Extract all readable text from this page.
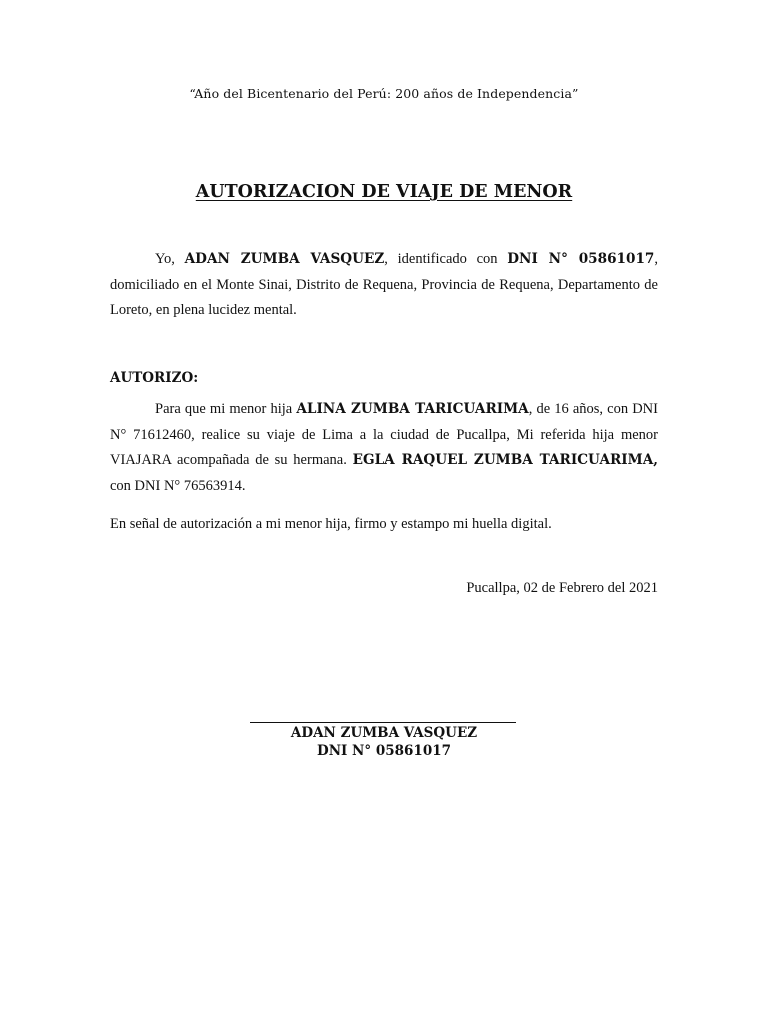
“Año del Bicentenario del Perú: 200 años de Independencia”
AUTORIZACION DE VIAJE DE MENOR
Yo, ADAN ZUMBA VASQUEZ, identificado con DNI N° 05861017, domiciliado en el Monte Sinai, Distrito de Requena, Provincia de Requena, Departamento de Loreto, en plena lucidez mental.
AUTORIZO:
Para que mi menor hija ALINA ZUMBA TARICUARIMA, de 16 años, con DNI N° 71612460, realice su viaje de Lima a la ciudad de Pucallpa, Mi referida hija menor VIAJARA acompañada de su hermana. EGLA RAQUEL ZUMBA TARICUARIMA, con DNI N° 76563914.
En señal de autorización a mi menor hija, firmo y estampo mi huella digital.
Pucallpa, 02 de Febrero del 2021
ADAN ZUMBA VASQUEZ
DNI N° 05861017
